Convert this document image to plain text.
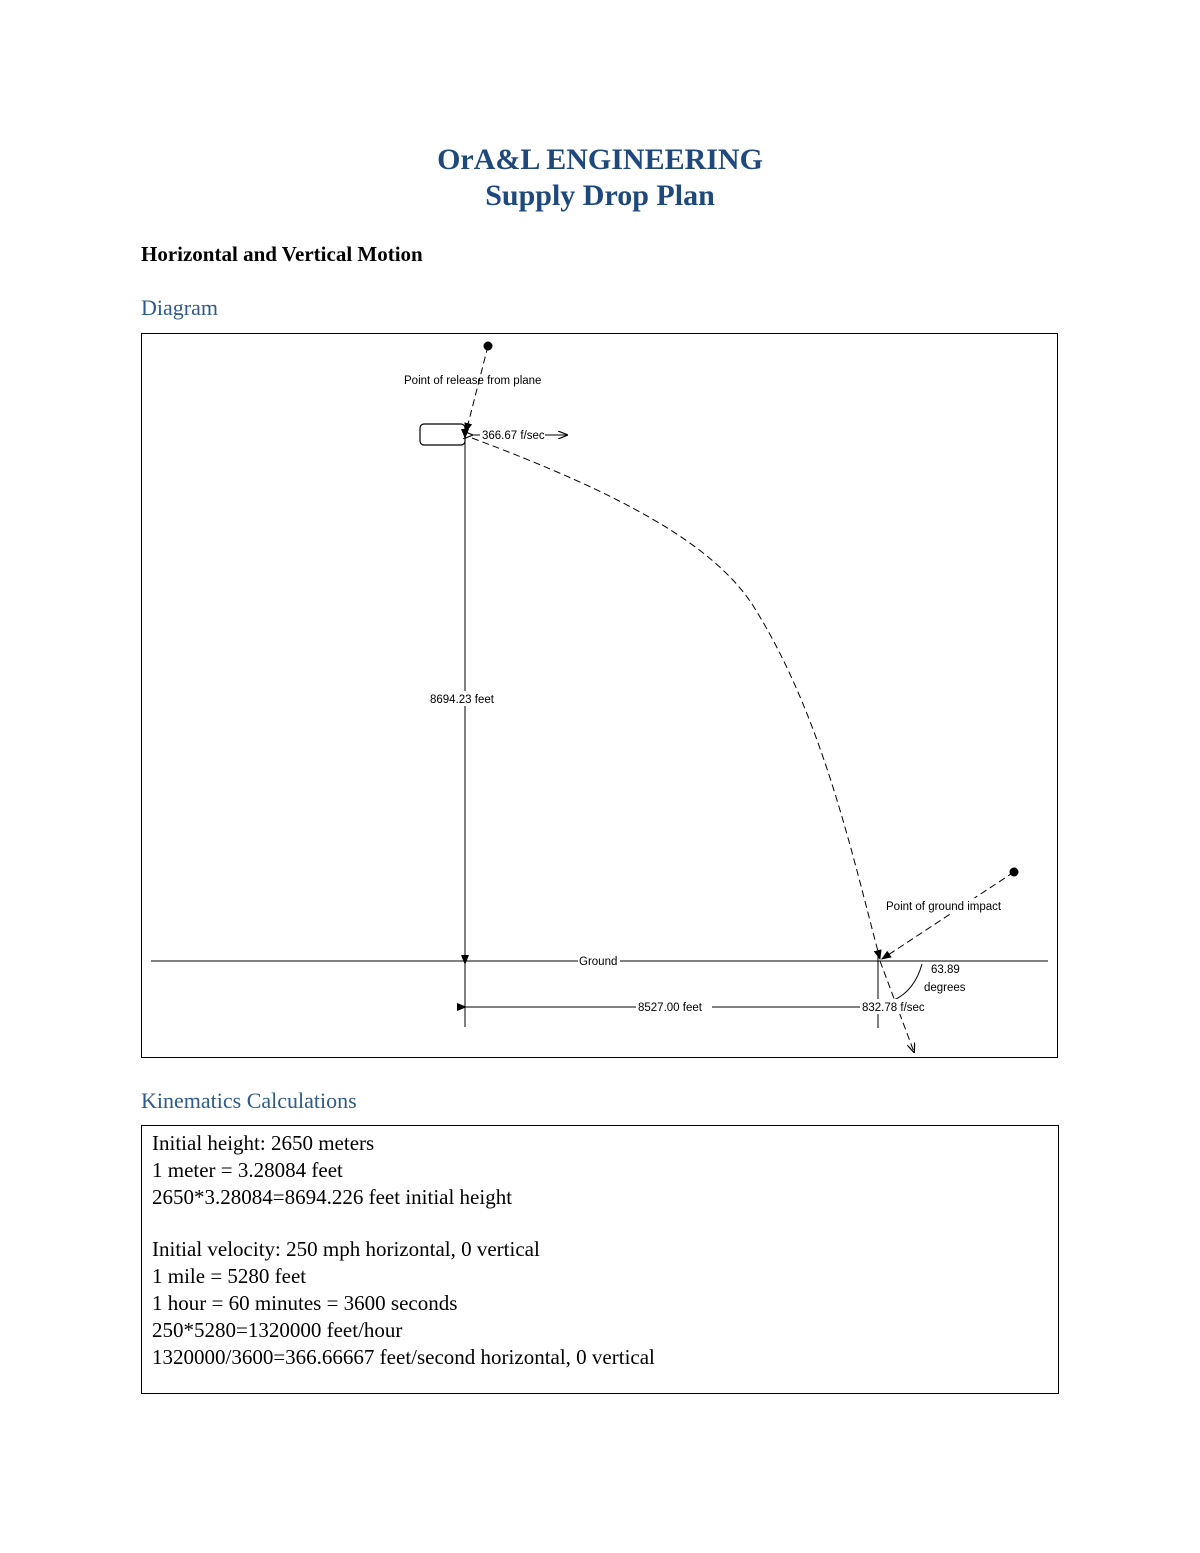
OrA&L ENGINEERING
Supply Drop Plan
Horizontal and Vertical Motion
Diagram
Point of release from plane
366.67 f/sec
8694.23 feet
Ground
Point of ground impact
63.89
degrees
8527.00 feet	832.78 f/sec
Kinematics Calculations
Initial height: 2650 meters
1 meter = 3.28084 feet
2650*3.28084=8694.226 feet initial height
Initial velocity: 250 mph horizontal, 0 vertical
1 mile = 5280 feet
1 hour = 60 minutes = 3600 seconds
250*5280=1320000 feet/hour
1320000/3600=366.66667 feet/second horizontal, 0 vertical
